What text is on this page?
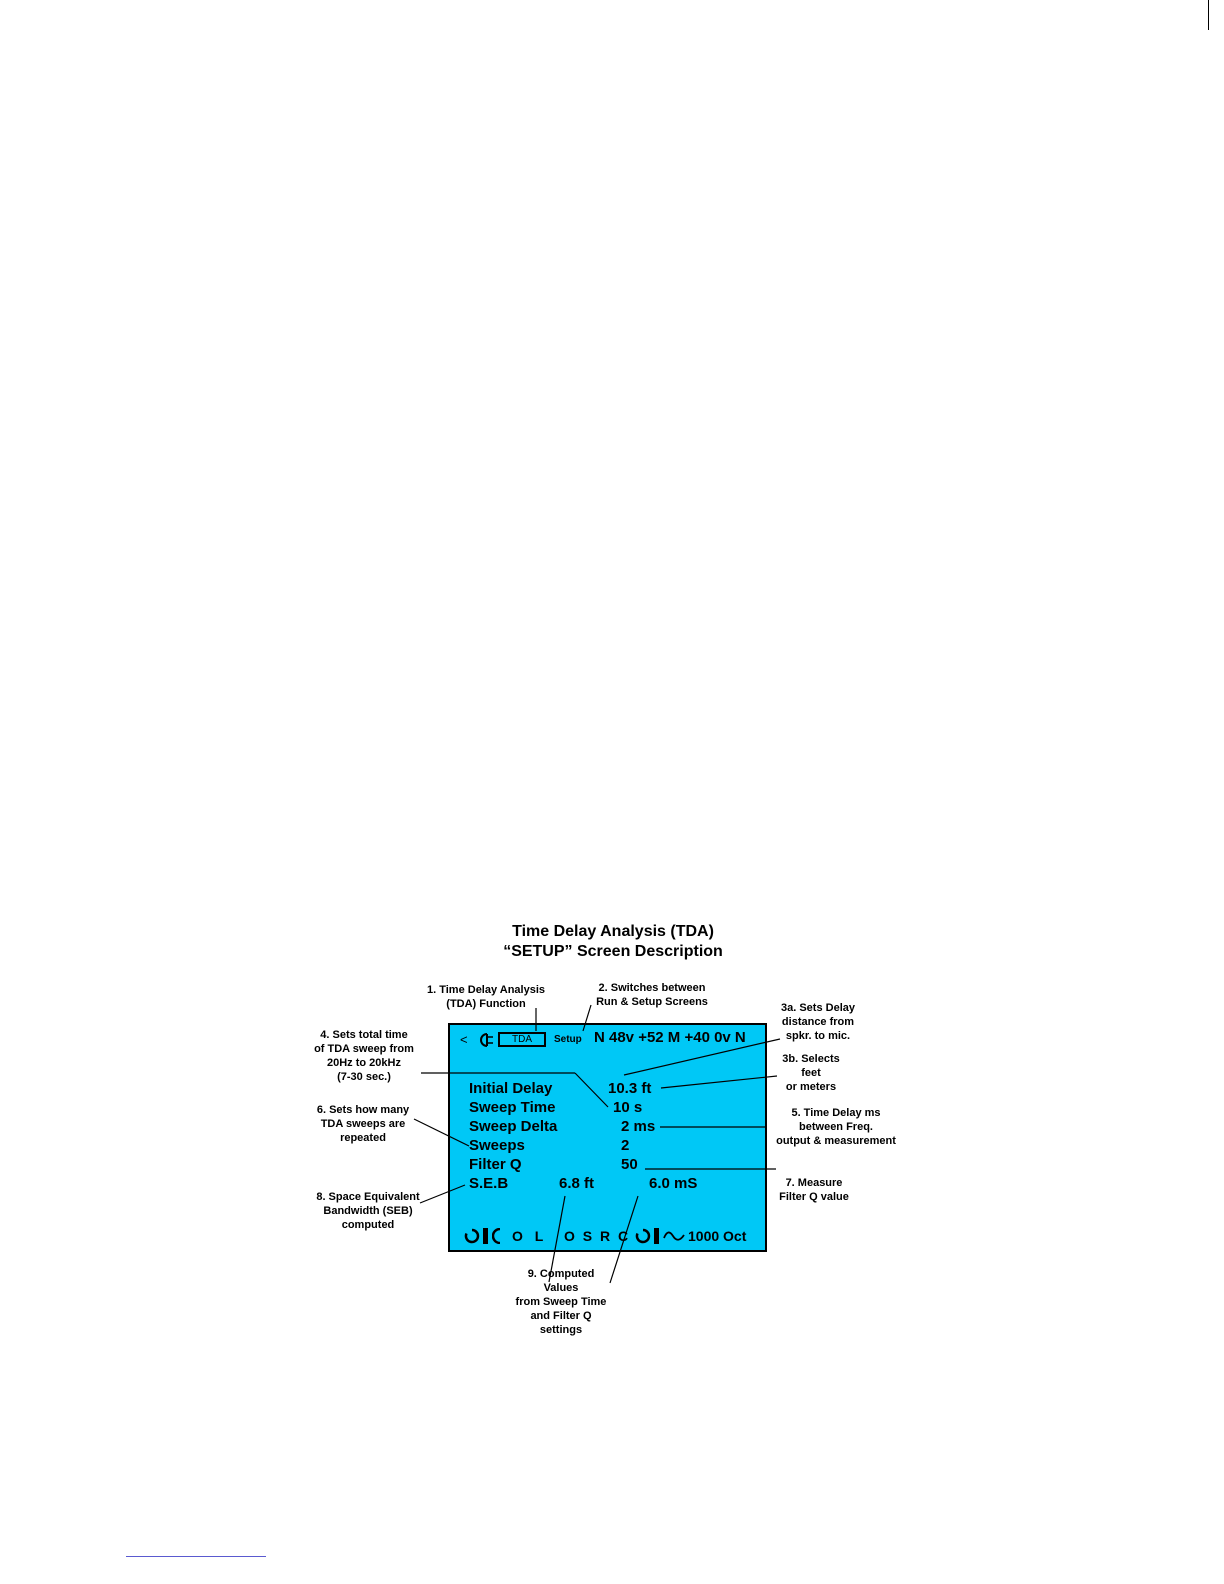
Time Delay Analysis (TDA)
“SETUP” Screen Description
<	TDA	Setup N 48v +52 M +40 0v N
Initial Delay	10.3 ft
Sweep Time	10 s
Sweep Delta	2 ms
Sweeps	2
Filter Q	50
S.E.B	6.8 ft	6.0 mS
O L O S R C	1000 Oct
1. Time Delay Analysis
(TDA) Function
2. Switches between
Run & Setup Screens	3a. Sets Delay
distance from
spkr. to mic.
3b. Selects
feet
or meters
4. Sets total time
of TDA sweep from
20Hz to 20kHz
(7-30 sec.)
5. Time Delay ms
between Freq.
output & measurement
6. Sets how many
TDA sweeps are
repeated
7. Measure
Filter Q value
8. Space Equivalent
Bandwidth (SEB)
computed
9. Computed
Values
from Sweep Time
and Filter Q
settings
